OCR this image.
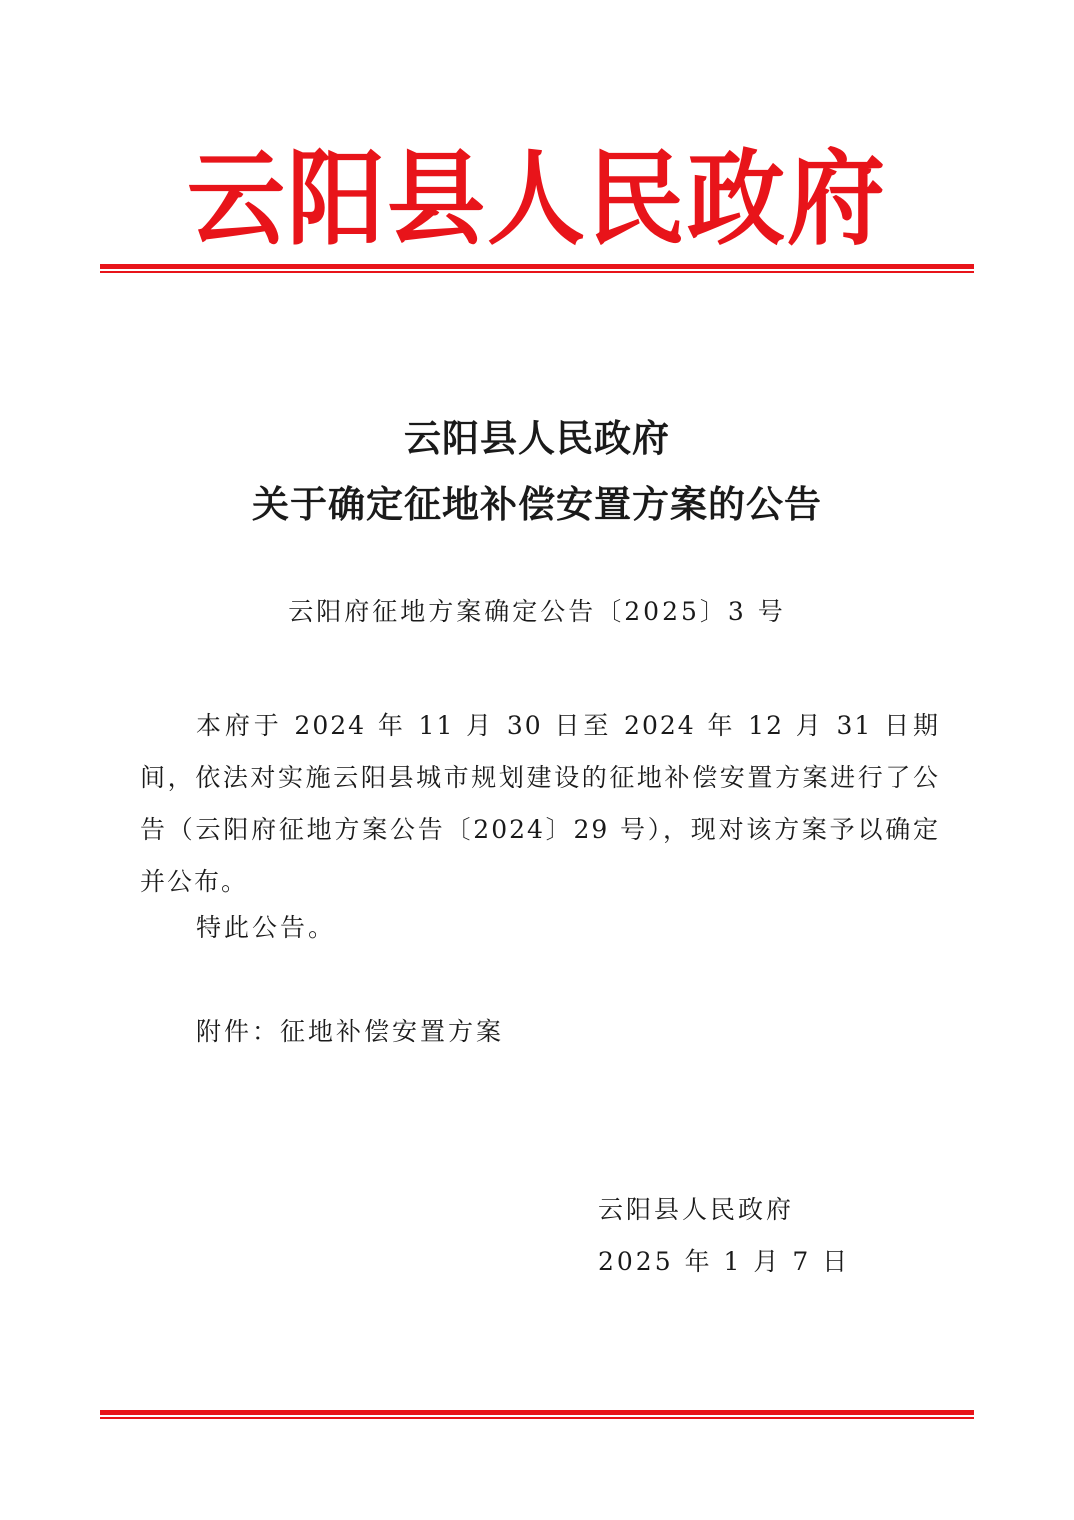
云阳县人民政府
云阳县人民政府
关于确定征地补偿安置方案的公告
云阳府征地方案确定公告〔2025〕3 号
本府于 2024 年 11 月 30 日至 2024 年 12 月 31 日期间，依法对实施云阳县城市规划建设的征地补偿安置方案进行了公告（云阳府征地方案公告〔2024〕29 号），现对该方案予以确定并公布。
特此公告。
附件：征地补偿安置方案
云阳县人民政府
2025 年 1 月 7 日
